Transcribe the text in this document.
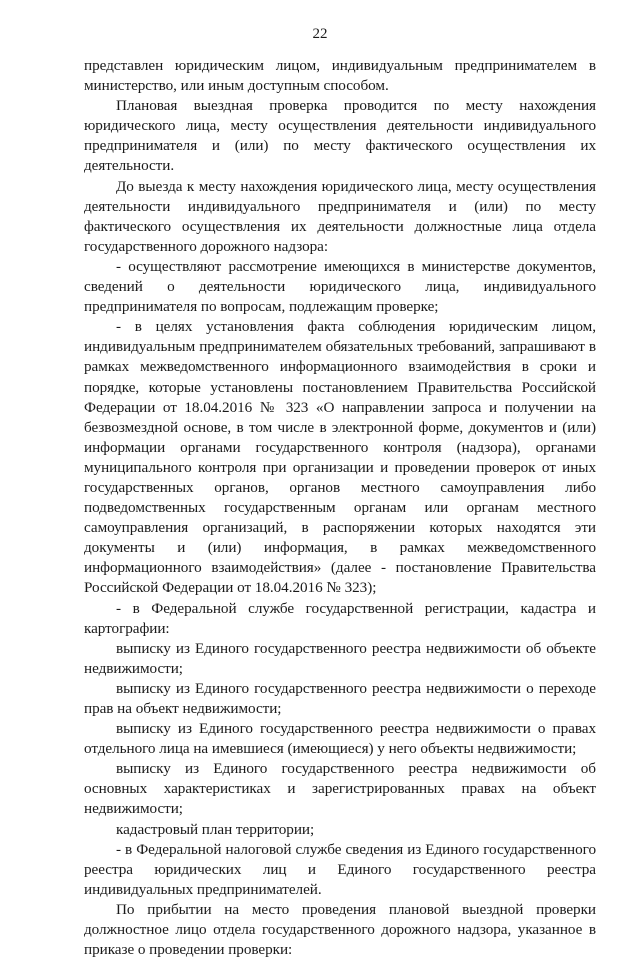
22

представлен юридическим лицом, индивидуальным предпринимателем в министерство, или иным доступным способом.

Плановая выездная проверка проводится по месту нахождения юридического лица, месту осуществления деятельности индивидуального предпринимателя и (или) по месту фактического осуществления их деятельности.

До выезда к месту нахождения юридического лица, месту осуществления деятельности индивидуального предпринимателя и (или) по месту фактического осуществления их деятельности должностные лица отдела государственного дорожного надзора:

- осуществляют рассмотрение имеющихся в министерстве документов, сведений о деятельности юридического лица, индивидуального предпринимателя по вопросам, подлежащим проверке;

- в целях установления факта соблюдения юридическим лицом, индивидуальным предпринимателем обязательных требований, запрашивают в рамках межведомственного информационного взаимодействия в сроки и порядке, которые установлены постановлением Правительства Российской Федерации от 18.04.2016 № 323 «О направлении запроса и получении на безвозмездной основе, в том числе в электронной форме, документов и (или) информации органами государственного контроля (надзора), органами муниципального контроля при организации и проведении проверок от иных государственных органов, органов местного самоуправления либо подведомственных государственным органам или органам местного самоуправления организаций, в распоряжении которых находятся эти документы и (или) информация, в рамках межведомственного информационного взаимодействия» (далее - постановление Правительства Российской Федерации от 18.04.2016 № 323);

- в Федеральной службе государственной регистрации, кадастра и картографии:

выписку из Единого государственного реестра недвижимости об объекте недвижимости;

выписку из Единого государственного реестра недвижимости о переходе прав на объект недвижимости;

выписку из Единого государственного реестра недвижимости о правах отдельного лица на имевшиеся (имеющиеся) у него объекты недвижимости;

выписку из Единого государственного реестра недвижимости об основных характеристиках и зарегистрированных правах на объект недвижимости;

кадастровый план территории;

- в Федеральной налоговой службе сведения из Единого государственного реестра юридических лиц и Единого государственного реестра индивидуальных предпринимателей.

По прибытии на место проведения плановой выездной проверки должностное лицо отдела государственного дорожного надзора, указанное в приказе о проведении проверки:
